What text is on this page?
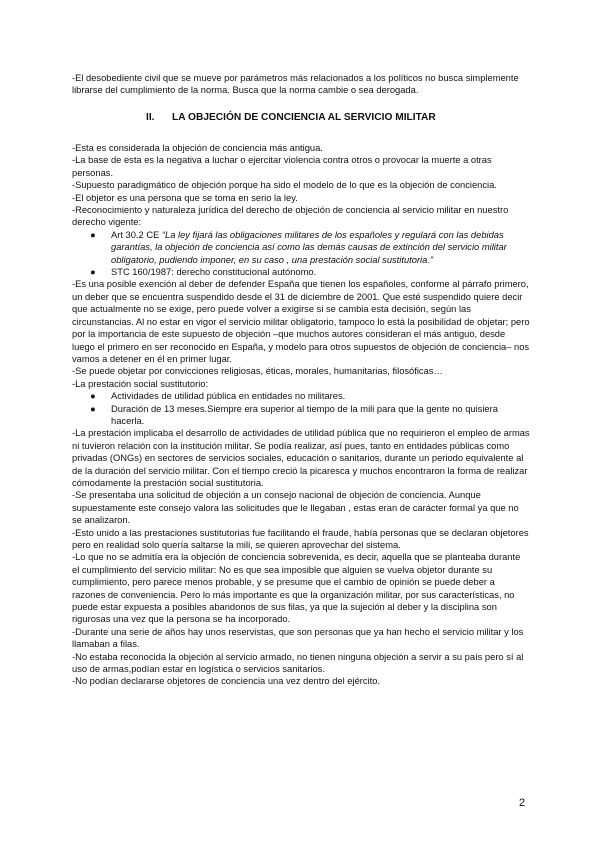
-El desobediente civil que se mueve por parámetros más relacionados a los políticos no busca simplemente librarse del cumplimiento de la norma. Busca que la norma cambie o sea derogada.
II. LA OBJECIÓN DE CONCIENCIA AL SERVICIO MILITAR
-Esta es considerada la objeción de conciencia más antigua.
-La base de esta es la negativa a luchar o ejercitar violencia contra otros o provocar la muerte a otras personas.
-Supuesto paradigmático de objeción porque ha sido el modelo de lo que es la objeción de conciencia.
-El objetor es una persona que se toma en serio la ley.
-Reconocimiento y naturaleza jurídica del derecho de objeción de conciencia al servicio militar en nuestro derecho vigente:
● Art 30.2 CE “La ley fijará las obligaciones militares de los españoles y regulará con las debidas garantías, la objeción de conciencia así como las demás causas de extinción del servicio militar obligatorio, pudiendo imponer, en su caso , una prestación social sustitutoria.”
● STC 160/1987: derecho constitucional autónomo.
-Es una posible exención al deber de defender España que tienen los españoles, conforme al párrafo primero, un deber que se encuentra suspendido desde el 31 de diciembre de 2001. Que esté suspendido quiere decir que actualmente no se exige, pero puede volver a exigirse si se cambia esta decisión, según las circunstancias. Al no estar en vigor el servicio militar obligatorio, tampoco lo está la posibilidad de objetar; pero por la importancia de este supuesto de objeción –que muchos autores consideran el más antiguo, desde luego el primero en ser reconocido en España, y modelo para otros supuestos de objeción de conciencia– nos vamos a detener en él en primer lugar.
-Se puede objetar por convicciones religiosas, éticas, morales, humanitarias, filosóficas…
-La prestación social sustitutorio:
● Actividades de utilidad pública en entidades no militares.
● Duración de 13 meses.Siempre era superior al tiempo de la mili para que la gente no quisiera hacerla.
-La prestación implicaba el desarrollo de actividades de utilidad pública que no requirieron el empleo de armas ni tuvieron relación con la institución militar. Se podía realizar, así pues, tanto en entidades públicas como privadas (ONGs) en sectores de servicios sociales, educación o sanitarios, durante un periodo equivalente al de la duración del servicio militar. Con el tiempo creció la picaresca y muchos encontraron la forma de realizar cómodamente la prestación social sustitutoria.
-Se presentaba una solicitud de objeción a un consejo nacional de objeción de conciencia. Aunque supuestamente este consejo valora las solicitudes que le llegaban , estas eran de carácter formal ya que no se analizaron.
-Esto unido a las prestaciones sustitutorias fue facilitando el fraude, había personas que se declaran objetores pero en realidad solo quería saltarse la mili, se quieren aprovechar del sistema.
-Lo que no se admitía era la objeción de conciencia sobrevenida, es decir, aquella que se planteaba durante el cumplimiento del servicio militar: No es que sea imposible que alguien se vuelva objetor durante su cumplimiento, pero parece menos probable, y se presume que el cambio de opinión se puede deber a razones de conveniencia. Pero lo más importante es que la organización militar, por sus características, no puede estar expuesta a posibles abandonos de sus filas, ya que la sujeción al deber y la disciplina son rigurosas una vez que la persona se ha incorporado.
-Durante una serie de años hay unos reservistas, que son personas que ya han hecho el servicio militar y los llamaban a filas.
-No estaba reconocida la objeción al servicio armado, no tienen ninguna objeción a servir a su país pero sí al uso de armas,podían estar en logística o servicios sanitarios.
-No podían declararse objetores de conciencia una vez dentro del ejército.
2
